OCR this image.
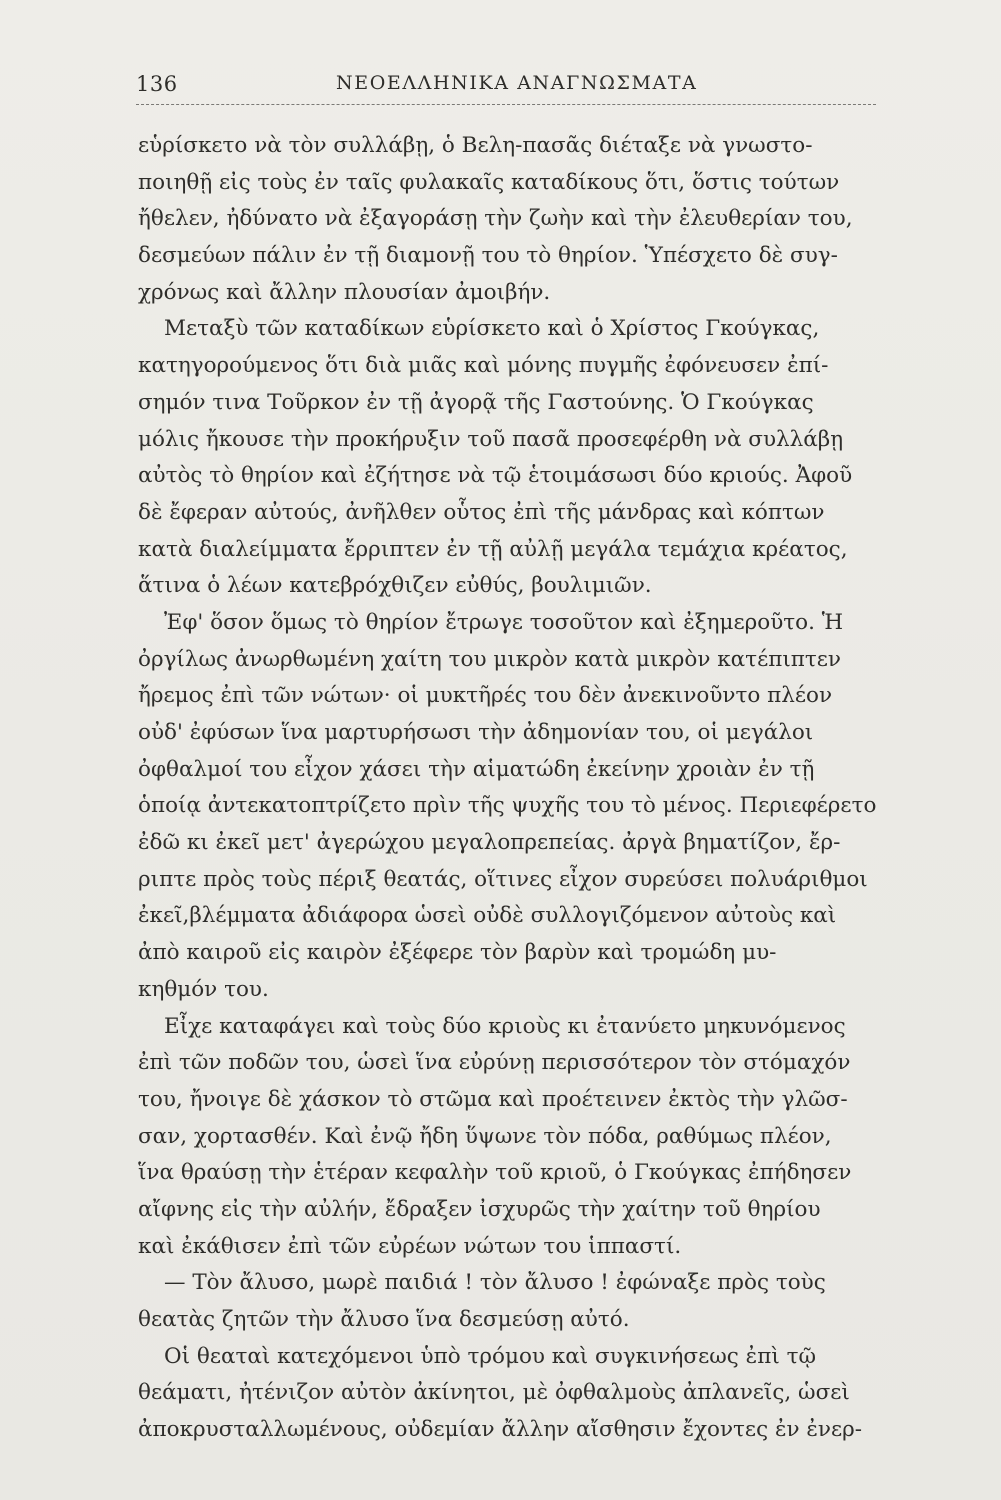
136	ΝΕΟΕΛΛΗΝΙΚΑ ΑΝΑΓΝΩΣΜΑΤΑ
εὑρίσκετο νὰ τὸν συλλάβῃ, ὁ Βελη-πασᾶς διέταξε νὰ γνωστο-
ποιηθῇ εἰς τοὺς ἐν ταῖς φυλακαῖς καταδίκους ὅτι, ὅστις τούτων
ἤθελεν, ἠδύνατο νὰ ἐξαγοράσῃ τὴν ζωὴν καὶ τὴν ἐλευθερίαν του,
δεσμεύων πάλιν ἐν τῇ διαμονῇ του τὸ θηρίον. Ὑπέσχετο δὲ συγ-
χρόνως καὶ ἄλλην πλουσίαν ἀμοιβήν.
Μεταξὺ τῶν καταδίκων εὑρίσκετο καὶ ὁ Χρίστος Γκούγκας,
κατηγορούμενος ὅτι διὰ μιᾶς καὶ μόνης πυγμῆς ἐφόνευσεν ἐπί-
σημόν τινα Τοῦρκον ἐν τῇ ἀγορᾷ τῆς Γαστούνης. Ὁ Γκούγκας
μόλις ἤκουσε τὴν προκήρυξιν τοῦ πασᾶ προσεφέρθη νὰ συλλάβῃ
αὐτὸς τὸ θηρίον καὶ ἐζήτησε νὰ τῷ ἑτοιμάσωσι δύο κριούς. Ἀφοῦ
δὲ ἔφεραν αὐτούς, ἀνῆλθεν οὗτος ἐπὶ τῆς μάνδρας καὶ κόπτων
κατὰ διαλείμματα ἔρριπτεν ἐν τῇ αὐλῇ μεγάλα τεμάχια κρέατος,
ἅτινα ὁ λέων κατεβρόχθιζεν εὐθύς, βουλιμιῶν.
Ἐφ' ὅσον ὅμως τὸ θηρίον ἔτρωγε τοσοῦτον καὶ ἐξημεροῦτο. Ἡ
ὀργίλως ἀνωρθωμένη χαίτη του μικρὸν κατὰ μικρὸν κατέπιπτεν
ἤρεμος ἐπὶ τῶν νώτων· οἱ μυκτῆρές του δὲν ἀνεκινοῦντο πλέον
οὐδ' ἐφύσων ἵνα μαρτυρήσωσι τὴν ἀδημονίαν του, οἱ μεγάλοι
ὀφθαλμοί του εἶχον χάσει τὴν αἱματώδη ἐκείνην χροιὰν ἐν τῇ
ὁποίᾳ ἀντεκατοπτρίζετο πρὶν τῆς ψυχῆς του τὸ μένος. Περιεφέρετο
ἐδῶ κι ἐκεῖ μετ' ἀγερώχου μεγαλοπρεπείας. ἀργὰ βηματίζον, ἔρ-
ριπτε πρὸς τοὺς πέριξ θεατάς, οἵτινες εἶχον συρεύσει πολυάριθμοι
ἐκεῖ,βλέμματα ἀδιάφορα ὡσεὶ οὐδὲ συλλογιζόμενον αὐτοὺς καὶ
ἀπὸ καιροῦ εἰς καιρὸν ἐξέφερε τὸν βαρὺν καὶ τρομώδη μυ-
κηθμόν του.
Εἶχε καταφάγει καὶ τοὺς δύο κριοὺς κι ἐτανύετο μηκυνόμενος
ἐπὶ τῶν ποδῶν του, ὡσεὶ ἵνα εὐρύνῃ περισσότερον τὸν στόμαχόν
του, ἤνοιγε δὲ χάσκον τὸ στῶμα καὶ προέτεινεν ἐκτὸς τὴν γλῶσ-
σαν, χορτασθέν. Καὶ ἐνῷ ἤδη ὕψωνε τὸν πόδα, ραθύμως πλέον,
ἵνα θραύσῃ τὴν ἑτέραν κεφαλὴν τοῦ κριοῦ, ὁ Γκούγκας ἐπήδησεν
αἴφνης εἰς τὴν αὐλήν, ἔδραξεν ἰσχυρῶς τὴν χαίτην τοῦ θηρίου
καὶ ἐκάθισεν ἐπὶ τῶν εὐρέων νώτων του ἱππαστί.
— Τὸν ἄλυσο, μωρὲ παιδιά ! τὸν ἄλυσο ! ἐφώναξε πρὸς τοὺς
θεατὰς ζητῶν τὴν ἄλυσο ἵνα δεσμεύσῃ αὐτό.
Οἱ θεαταὶ κατεχόμενοι ὑπὸ τρόμου καὶ συγκινήσεως ἐπὶ τῷ
θεάματι, ἠτένιζον αὐτὸν ἀκίνητοι, μὲ ὀφθαλμοὺς ἀπλανεῖς, ὡσεὶ
ἀποκρυσταλλωμένους, οὐδεμίαν ἄλλην αἴσθησιν ἔχοντες ἐν ἐνερ-
